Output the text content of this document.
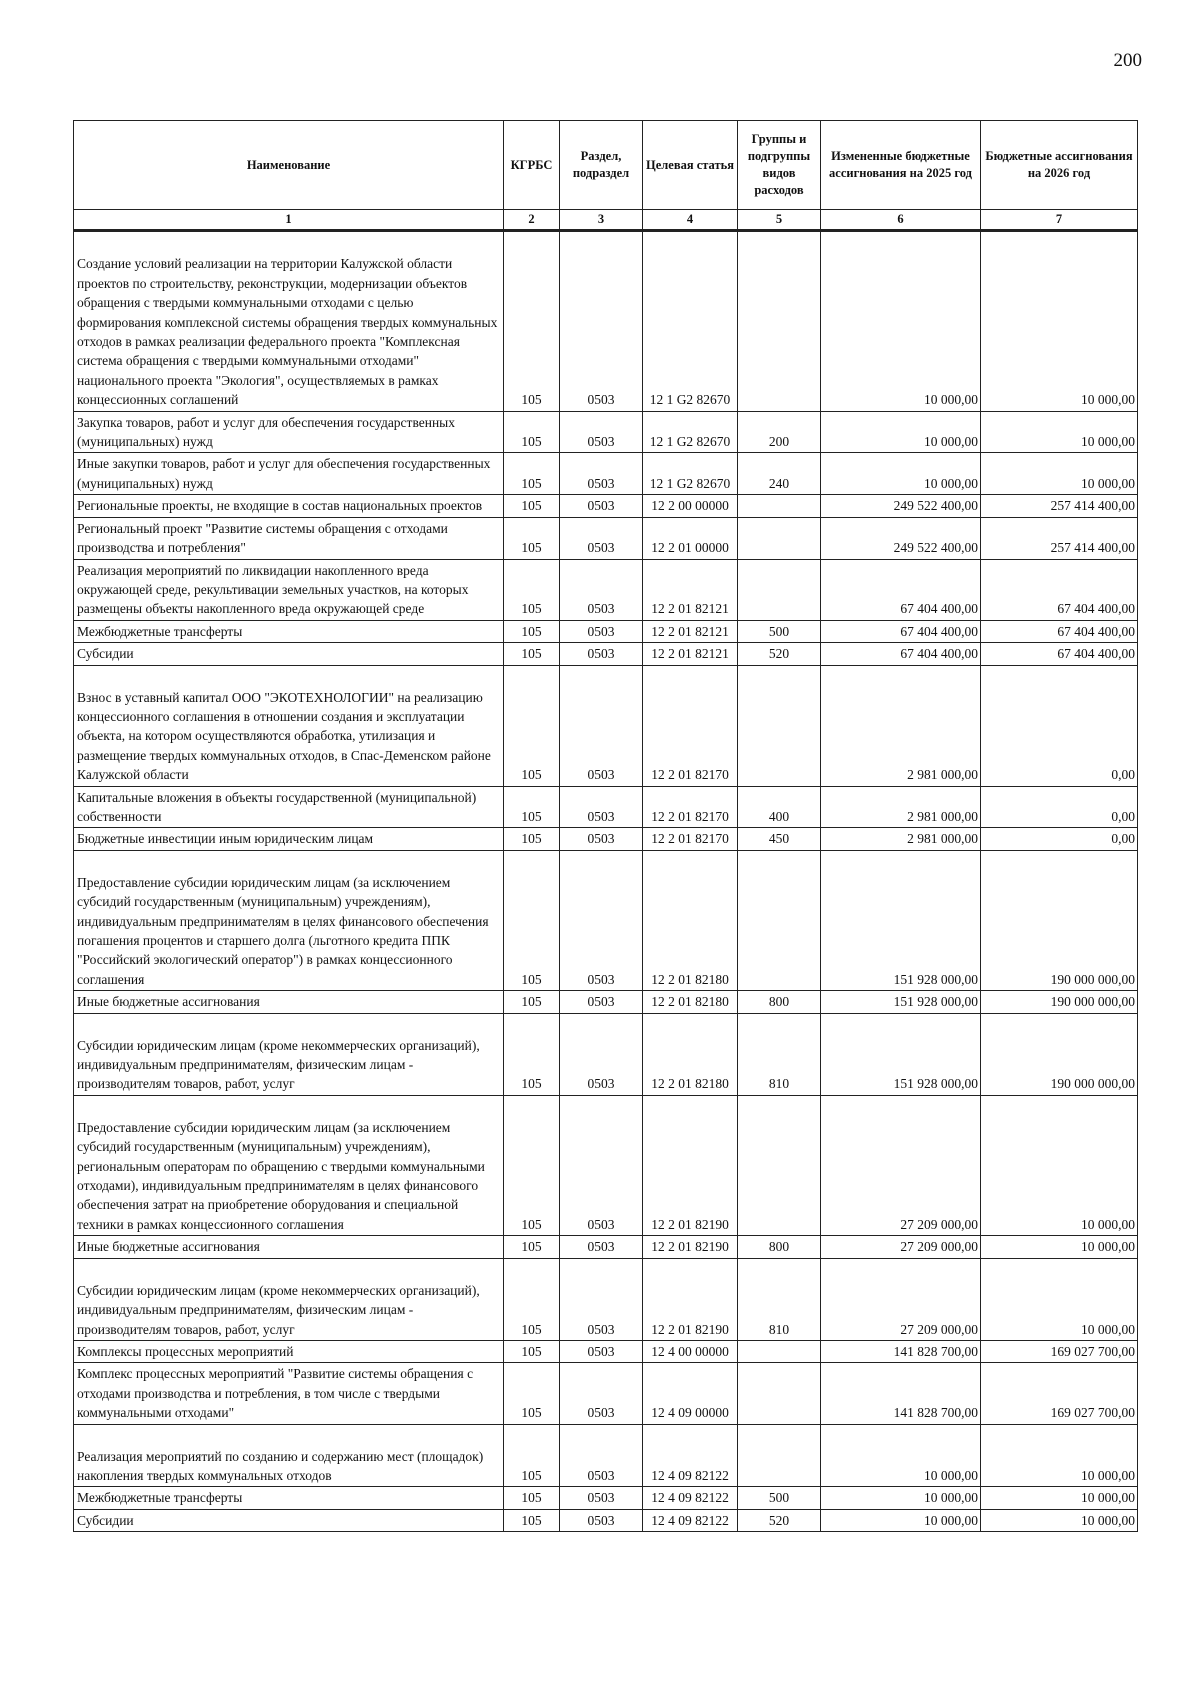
200
Наименование	КГРБС	Раздел, подраздел	Целевая статья	Группы и подгруппы видов расходов	Измененные бюджетные ассигнования на 2025 год	Бюджетные ассигнования на 2026 год
1	2	3	4	5	6	7
Создание условий реализации на территории Калужской области проектов по строительству, реконструкции, модернизации объектов обращения с твердыми коммунальными отходами с целью формирования комплексной системы обращения твердых коммунальных отходов в рамках реализации федерального проекта "Комплексная система обращения с твердыми коммунальными отходами" национального проекта "Экология", осуществляемых в рамках концессионных соглашений	105	0503	12 1 G2 82670		10 000,00	10 000,00
Закупка товаров, работ и услуг для обеспечения государственных (муниципальных) нужд	105	0503	12 1 G2 82670	200	10 000,00	10 000,00
Иные закупки товаров, работ и услуг для обеспечения государственных (муниципальных) нужд	105	0503	12 1 G2 82670	240	10 000,00	10 000,00
Региональные проекты, не входящие в состав национальных проектов	105	0503	12 2 00 00000		249 522 400,00	257 414 400,00
Региональный проект "Развитие системы обращения с отходами производства и потребления"	105	0503	12 2 01 00000		249 522 400,00	257 414 400,00
Реализация мероприятий по ликвидации накопленного вреда окружающей среде, рекультивации земельных участков, на которых размещены объекты накопленного вреда окружающей среде	105	0503	12 2 01 82121		67 404 400,00	67 404 400,00
Межбюджетные трансферты	105	0503	12 2 01 82121	500	67 404 400,00	67 404 400,00
Субсидии	105	0503	12 2 01 82121	520	67 404 400,00	67 404 400,00
Взнос в уставный капитал ООО "ЭКОТЕХНОЛОГИИ" на реализацию концессионного соглашения в отношении создания и эксплуатации объекта, на котором осуществляются обработка, утилизация и размещение твердых коммунальных отходов, в Спас-Деменском районе Калужской области	105	0503	12 2 01 82170		2 981 000,00	0,00
Капитальные вложения в объекты государственной (муниципальной) собственности	105	0503	12 2 01 82170	400	2 981 000,00	0,00
Бюджетные инвестиции иным юридическим лицам	105	0503	12 2 01 82170	450	2 981 000,00	0,00
Предоставление субсидии юридическим лицам (за исключением субсидий государственным (муниципальным) учреждениям), индивидуальным предпринимателям в целях финансового обеспечения погашения процентов и старшего долга (льготного кредита ППК "Российский экологический оператор") в рамках концессионного соглашения	105	0503	12 2 01 82180		151 928 000,00	190 000 000,00
Иные бюджетные ассигнования	105	0503	12 2 01 82180	800	151 928 000,00	190 000 000,00
Субсидии юридическим лицам (кроме некоммерческих организаций), индивидуальным предпринимателям, физическим лицам - производителям товаров, работ, услуг	105	0503	12 2 01 82180	810	151 928 000,00	190 000 000,00
Предоставление субсидии юридическим лицам (за исключением субсидий государственным (муниципальным) учреждениям), региональным операторам по обращению с твердыми коммунальными отходами), индивидуальным предпринимателям в целях финансового обеспечения затрат на приобретение оборудования и специальной техники в рамках концессионного соглашения	105	0503	12 2 01 82190		27 209 000,00	10 000,00
Иные бюджетные ассигнования	105	0503	12 2 01 82190	800	27 209 000,00	10 000,00
Субсидии юридическим лицам (кроме некоммерческих организаций), индивидуальным предпринимателям, физическим лицам - производителям товаров, работ, услуг	105	0503	12 2 01 82190	810	27 209 000,00	10 000,00
Комплексы процессных мероприятий	105	0503	12 4 00 00000		141 828 700,00	169 027 700,00
Комплекс процессных мероприятий "Развитие системы обращения с отходами производства и потребления, в том числе с твердыми коммунальными отходами"	105	0503	12 4 09 00000		141 828 700,00	169 027 700,00
Реализация мероприятий по созданию и содержанию мест (площадок) накопления твердых коммунальных отходов	105	0503	12 4 09 82122		10 000,00	10 000,00
Межбюджетные трансферты	105	0503	12 4 09 82122	500	10 000,00	10 000,00
Субсидии	105	0503	12 4 09 82122	520	10 000,00	10 000,00
